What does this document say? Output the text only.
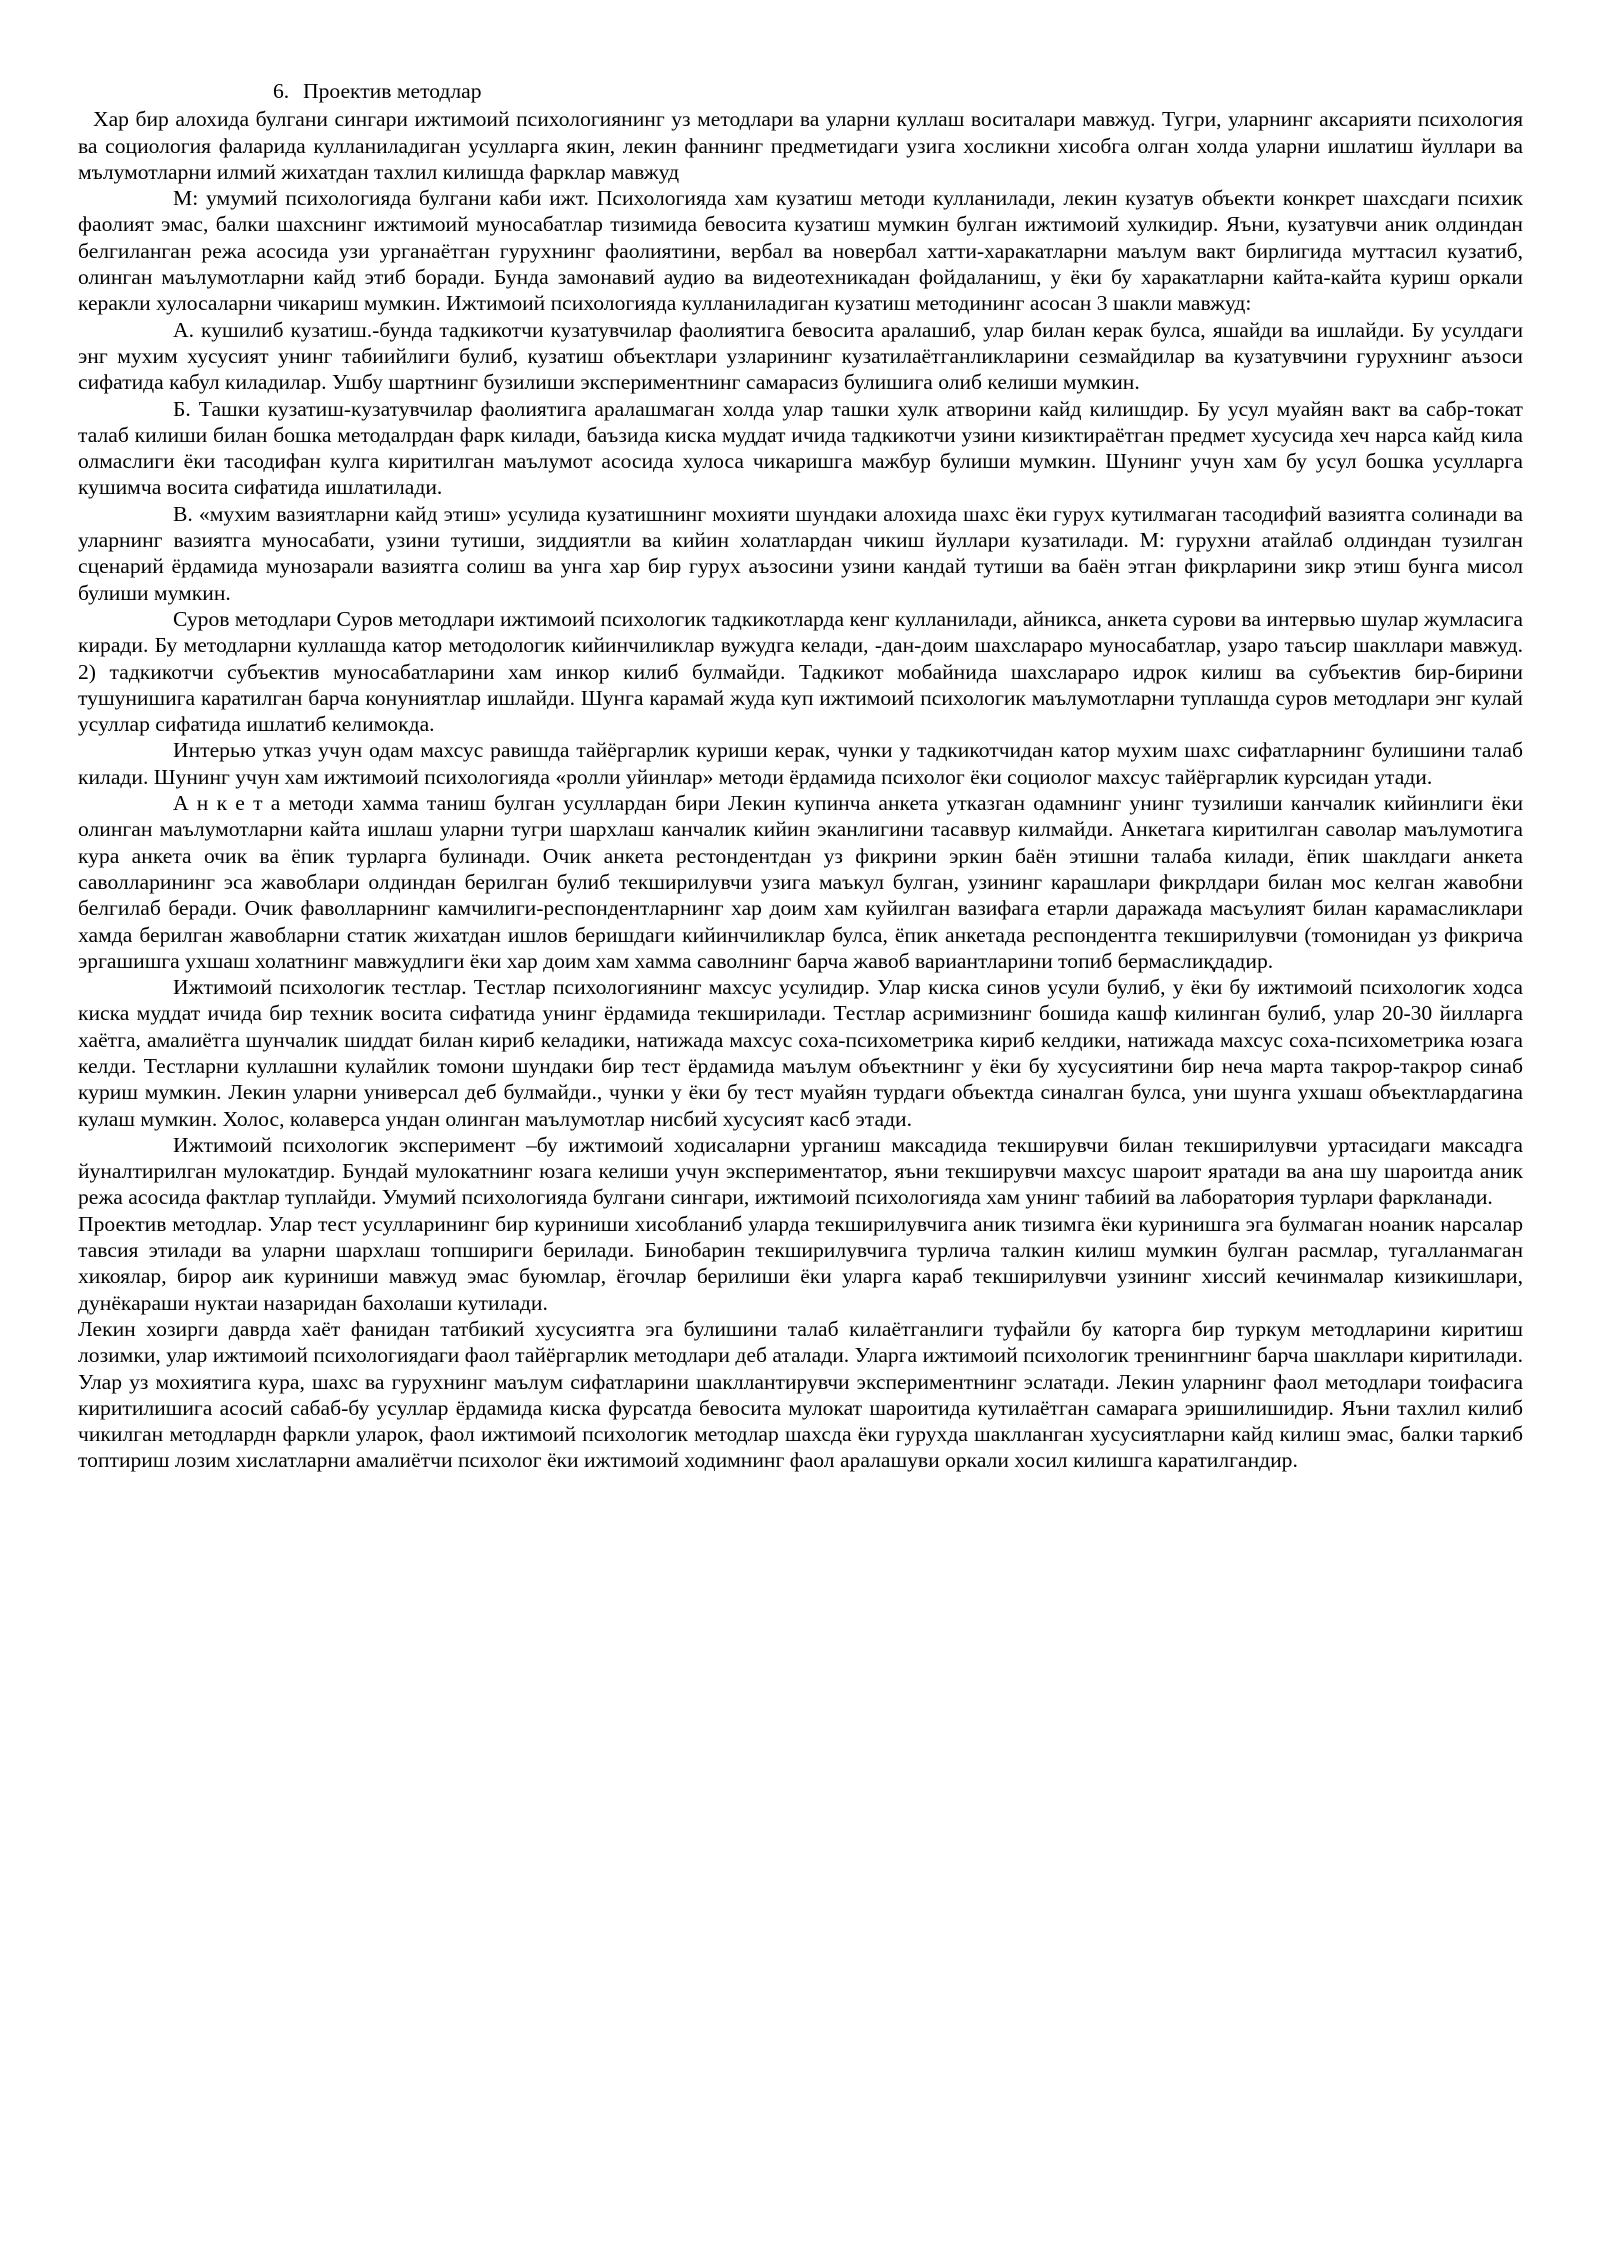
6. Проектив методлар

Хар бир алохида булгани сингари ижтимоий психологиянинг уз методлари ва уларни куллаш воситалари мавжуд. Тугри, уларнинг аксарияти психология ва социология фаларида кулланиладиган усулларга якин, лекин фаннинг предметидаги узига хосликни хисобга олган холда уларни ишлатиш йуллари ва мълумотларни илмий жихатдан тахлил килишда фарклар мавжуд

М: умумий психологияда булгани каби ижт. Психологияда хам кузатиш методи кулланилади, лекин кузатув объекти конкрет шахсдаги психик фаолият эмас, балки шахснинг ижтимоий муносабатлар тизимида бевосита кузатиш мумкин булган ижтимоий хулкидир. Яъни, кузатувчи аник олдиндан белгиланган режа асосида узи урганаётган гурухнинг фаолиятини, вербал ва новербал хатти-харакатларни маълум вакт бирлигида муттасил кузатиб, олинган маълумотларни кайд этиб боради. Бунда замонавий аудио ва видеотехникадан фойдаланиш, у ёки бу харакатларни кайта-кайта куриш оркали керакли хулосаларни чикариш мумкин. Ижтимоий психологияда кулланиладиган кузатиш методининг асосан 3 шакли мавжуд:

А. кушилиб кузатиш.-бунда тадкикотчи кузатувчилар фаолиятига бевосита аралашиб, улар билан керак булса, яшайди ва ишлайди. Бу усулдаги энг мухим хусусият унинг табиийлиги булиб, кузатиш объектлари узларининг кузатилаётганликларини сезмайдилар ва кузатувчини гурухнинг аъзоси сифатида кабул киладилар. Ушбу шартнинг бузилиши экспериментнинг самарасиз булишига олиб келиши мумкин.

Б. Ташки кузатиш-кузатувчилар фаолиятига аралашмаган холда улар ташки хулк атворини кайд килишдир. Бу усул муайян вакт ва сабр-токат талаб килиши билан бошка методалрдан фарк килади, баъзида киска муддат ичида тадкикотчи узини кизиктираётган предмет хусусида хеч нарса кайд кила олмаслиги ёки тасодифан кулга киритилган маълумот асосида хулоса чикаришга мажбур булиши мумкин. Шунинг учун хам бу усул бошка усулларга кушимча восита сифатида ишлатилади.

В. «мухим вазиятларни кайд этиш» усулида кузатишнинг мохияти шундаки алохида шахс ёки гурух кутилмаган тасодифий вазиятга солинади ва уларнинг вазиятга муносабати, узини тутиши, зиддиятли ва кийин холатлардан чикиш йуллари кузатилади. М: гурухни атайлаб олдиндан тузилган сценарий ёрдамида мунозарали вазиятга солиш ва унга хар бир гурух аъзосини узини кандай тутиши ва баён этган фикрларини зикр этиш бунга мисол булиши мумкин.

Суров методлари Суров методлари ижтимоий психологик тадкикотларда кенг кулланилади, айникса, анкета сурови ва интервью шулар жумласига киради. Бу методларни куллашда катор методологик кийинчиликлар вужудга келади, -дан-доим шахслараро муносабатлар, узаро таъсир шакллари мавжуд. 2) тадкикотчи субъектив муносабатларини хам инкор килиб булмайди. Тадкикот мобайнида шахслараро идрок килиш ва субъектив бир-бирини тушунишига каратилган барча конуниятлар ишлайди. Шунга карамай жуда куп ижтимоий психологик маълумотларни туплашда суров методлари энг кулай усуллар сифатида ишлатиб келимокда.

Интерью утказ учун одам махсус равишда тайёргарлик куриши керак, чунки у тадкикотчидан катор мухим шахс сифатларнинг булишини талаб килади. Шунинг учун хам ижтимоий психологияда «ролли уйинлар» методи ёрдамида психолог ёки социолог махсус тайёргарлик курсидан утади.

А н к е т а методи хамма таниш булган усуллардан бири Лекин купинча анкета утказган одамнинг унинг тузилиши канчалик кийинлиги ёки олинган маълумотларни кайта ишлаш уларни тугри шархлаш канчалик кийин эканлигини тасаввур килмайди. Анкетага киритилган саволар маълумотига кура анкета очик ва ёпик турларга булинади. Очик анкета рестондентдан уз фикрини эркин баён этишни талаба килади, ёпик шаклдаги анкета саволларининг эса жавоблари олдиндан берилган булиб текширилувчи узига маъкул булган, узининг карашлари фикрлдари билан мос келган жавобни белгилаб беради. Очик фаволларнинг камчилиги-респондентларнинг хар доим хам куйилган вазифага етарли даражада масъулият билан карамасликлари хамда берилган жавобларни статик жихатдан ишлов беришдаги кийинчиликлар булса, ёпик анкетада респондентга текширилувчи (томонидан уз фикрича эргашишга ухшаш холатнинг мавжудлиги ёки хар доим хам хамма саволнинг барча жавоб вариантларини топиб бермаслиқдадир.

Ижтимоий психологик тестлар. Тестлар психологиянинг махсус усулидир. Улар киска синов усули булиб, у ёки бу ижтимоий психологик ходса киска муддат ичида бир техник восита сифатида унинг ёрдамида текширилади. Тестлар асримизнинг бошида кашф килинган булиб, улар 20-30 йилларга хаётга, амалиётга шунчалик шиддат билан кириб келадики, натижада махсус соха-психометрика кириб келдики, натижада махсус соха-психометрика юзага келди. Тестларни куллашни кулайлик томони шундаки бир тест ёрдамида маълум объектнинг у ёки бу хусусиятини бир неча марта такрор-такрор синаб куриш мумкин. Лекин уларни универсал деб булмайди., чунки у ёки бу тест муайян турдаги объектда синалган булса, уни шунга ухшаш объектлардагина кулаш мумкин. Холос, колаверса ундан олинган маълумотлар нисбий хусусият касб этади.

Ижтимоий психологик эксперимент –бу ижтимоий ходисаларни урганиш максадида текширувчи билан текширилувчи уртасидаги максадга йуналтирилган мулокатдир. Бундай мулокатнинг юзага келиши учун экспериментатор, яъни текширувчи махсус шароит яратади ва ана шу шароитда аник режа асосида фактлар туплайди. Умумий психологияда булгани сингари, ижтимоий психологияда хам унинг табиий ва лаборатория турлари фаркланади.

Проектив методлар. Улар тест усулларининг бир куриниши хисобланиб уларда текширилувчига аник тизимга ёки куринишга эга булмаган ноаник нарсалар тавсия этилади ва уларни шархлаш топшириги берилади. Бинобарин текширилувчига турлича талкин килиш мумкин булган расмлар, тугалланмаган хикоялар, бирор аик куриниши мавжуд эмас буюмлар, ёгочлар берилиши ёки уларга караб текширилувчи узининг хиссий кечинмалар кизикишлари, дунёкараши нуктаи назаридан бахолаши кутилади.

Лекин хозирги даврда хаёт фанидан татбикий хусусиятга эга булишини талаб килаётганлиги туфайли бу каторга бир туркум методларини киритиш лозимки, улар ижтимоий психологиядаги фаол тайёргарлик методлари деб аталади. Уларга ижтимоий психологик тренингнинг барча шакллари киритилади. Улар уз мохиятига кура, шахс ва гурухнинг маълум сифатларини шакллантирувчи экспериментнинг эслатади. Лекин уларнинг фаол методлари тоифасига киритилишига асосий сабаб-бу усуллар ёрдамида киска фурсатда бевосита мулокат шароитида кутилаётган самарага эришилишидир. Яъни тахлил килиб чикилган методлардн фаркли уларок, фаол ижтимоий психологик методлар шахсда ёки гурухда шаклланган хусусиятларни кайд килиш эмас, балки таркиб топтириш лозим хислатларни амалиётчи психолог ёки ижтимоий ходимнинг фаол аралашуви оркали хосил килишга каратилгандир.
